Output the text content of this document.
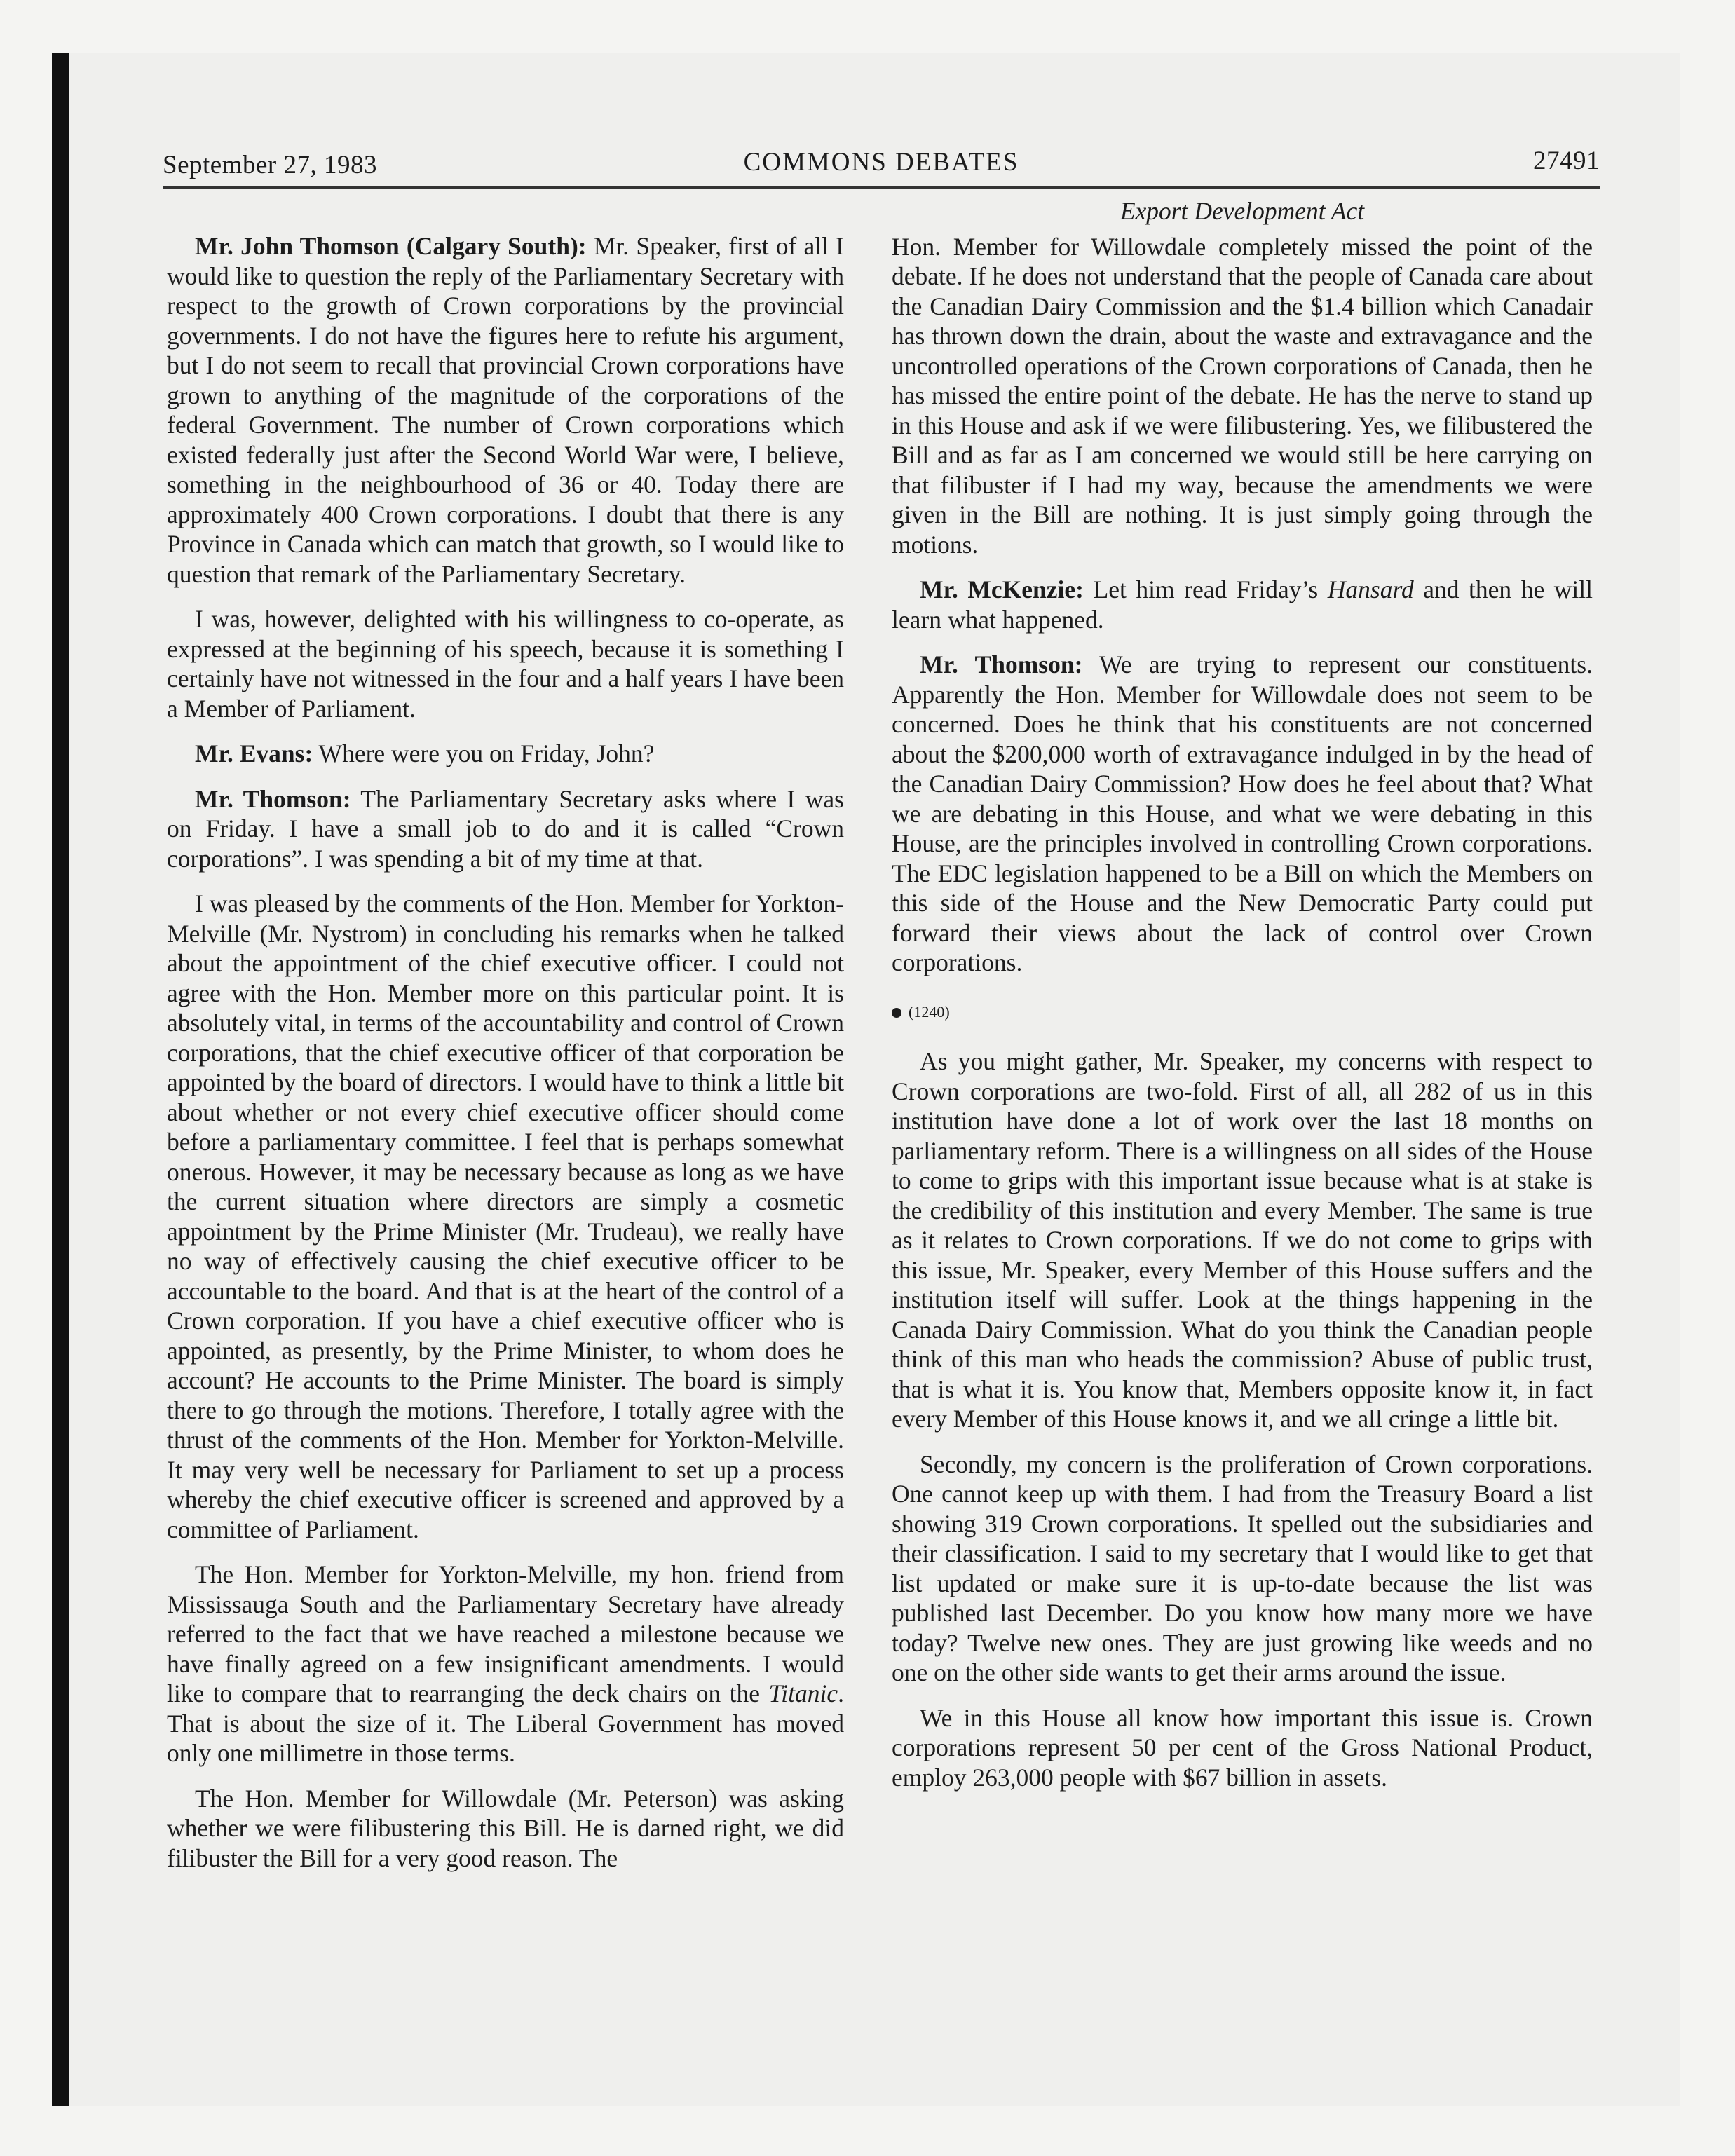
September 27, 1983	COMMONS DEBATES	27491

Mr. John Thomson (Calgary South): Mr. Speaker, first of all I would like to question the reply of the Parliamentary Secretary with respect to the growth of Crown corporations by the provincial governments. I do not have the figures here to refute his argument, but I do not seem to recall that provincial Crown corporations have grown to anything of the magnitude of the corporations of the federal Government. The number of Crown corporations which existed federally just after the Second World War were, I believe, something in the neighbourhood of 36 or 40. Today there are approximately 400 Crown corporations. I doubt that there is any Province in Canada which can match that growth, so I would like to question that remark of the Parliamentary Secretary.

I was, however, delighted with his willingness to co-operate, as expressed at the beginning of his speech, because it is something I certainly have not witnessed in the four and a half years I have been a Member of Parliament.

Mr. Evans: Where were you on Friday, John?

Mr. Thomson: The Parliamentary Secretary asks where I was on Friday. I have a small job to do and it is called “Crown corporations”. I was spending a bit of my time at that.

I was pleased by the comments of the Hon. Member for Yorkton-Melville (Mr. Nystrom) in concluding his remarks when he talked about the appointment of the chief executive officer. I could not agree with the Hon. Member more on this particular point. It is absolutely vital, in terms of the accountability and control of Crown corporations, that the chief executive officer of that corporation be appointed by the board of directors. I would have to think a little bit about whether or not every chief executive officer should come before a parliamentary committee. I feel that is perhaps somewhat onerous. However, it may be necessary because as long as we have the current situation where directors are simply a cosmetic appointment by the Prime Minister (Mr. Trudeau), we really have no way of effectively causing the chief executive officer to be accountable to the board. And that is at the heart of the control of a Crown corporation. If you have a chief executive officer who is appointed, as presently, by the Prime Minister, to whom does he account? He accounts to the Prime Minister. The board is simply there to go through the motions. Therefore, I totally agree with the thrust of the comments of the Hon. Member for Yorkton-Melville. It may very well be necessary for Parliament to set up a process whereby the chief executive officer is screened and approved by a committee of Parliament.

The Hon. Member for Yorkton-Melville, my hon. friend from Mississauga South and the Parliamentary Secretary have already referred to the fact that we have reached a milestone because we have finally agreed on a few insignificant amendments. I would like to compare that to rearranging the deck chairs on the Titanic. That is about the size of it. The Liberal Government has moved only one millimetre in those terms.

The Hon. Member for Willowdale (Mr. Peterson) was asking whether we were filibustering this Bill. He is darned right, we did filibuster the Bill for a very good reason. The

Export Development Act

Hon. Member for Willowdale completely missed the point of the debate. If he does not understand that the people of Canada care about the Canadian Dairy Commission and the $1.4 billion which Canadair has thrown down the drain, about the waste and extravagance and the uncontrolled operations of the Crown corporations of Canada, then he has missed the entire point of the debate. He has the nerve to stand up in this House and ask if we were filibustering. Yes, we filibustered the Bill and as far as I am concerned we would still be here carrying on that filibuster if I had my way, because the amendments we were given in the Bill are nothing. It is just simply going through the motions.

Mr. McKenzie: Let him read Friday’s Hansard and then he will learn what happened.

Mr. Thomson: We are trying to represent our constituents. Apparently the Hon. Member for Willowdale does not seem to be concerned. Does he think that his constituents are not concerned about the $200,000 worth of extravagance indulged in by the head of the Canadian Dairy Commission? How does he feel about that? What we are debating in this House, and what we were debating in this House, are the principles involved in controlling Crown corporations. The EDC legislation happened to be a Bill on which the Members on this side of the House and the New Democratic Party could put forward their views about the lack of control over Crown corporations.

(1240)

As you might gather, Mr. Speaker, my concerns with respect to Crown corporations are two-fold. First of all, all 282 of us in this institution have done a lot of work over the last 18 months on parliamentary reform. There is a willingness on all sides of the House to come to grips with this important issue because what is at stake is the credibility of this institution and every Member. The same is true as it relates to Crown corporations. If we do not come to grips with this issue, Mr. Speaker, every Member of this House suffers and the institution itself will suffer. Look at the things happening in the Canada Dairy Commission. What do you think the Canadian people think of this man who heads the commission? Abuse of public trust, that is what it is. You know that, Members opposite know it, in fact every Member of this House knows it, and we all cringe a little bit.

Secondly, my concern is the proliferation of Crown corporations. One cannot keep up with them. I had from the Treasury Board a list showing 319 Crown corporations. It spelled out the subsidiaries and their classification. I said to my secretary that I would like to get that list updated or make sure it is up-to-date because the list was published last December. Do you know how many more we have today? Twelve new ones. They are just growing like weeds and no one on the other side wants to get their arms around the issue.

We in this House all know how important this issue is. Crown corporations represent 50 per cent of the Gross National Product, employ 263,000 people with $67 billion in assets.
